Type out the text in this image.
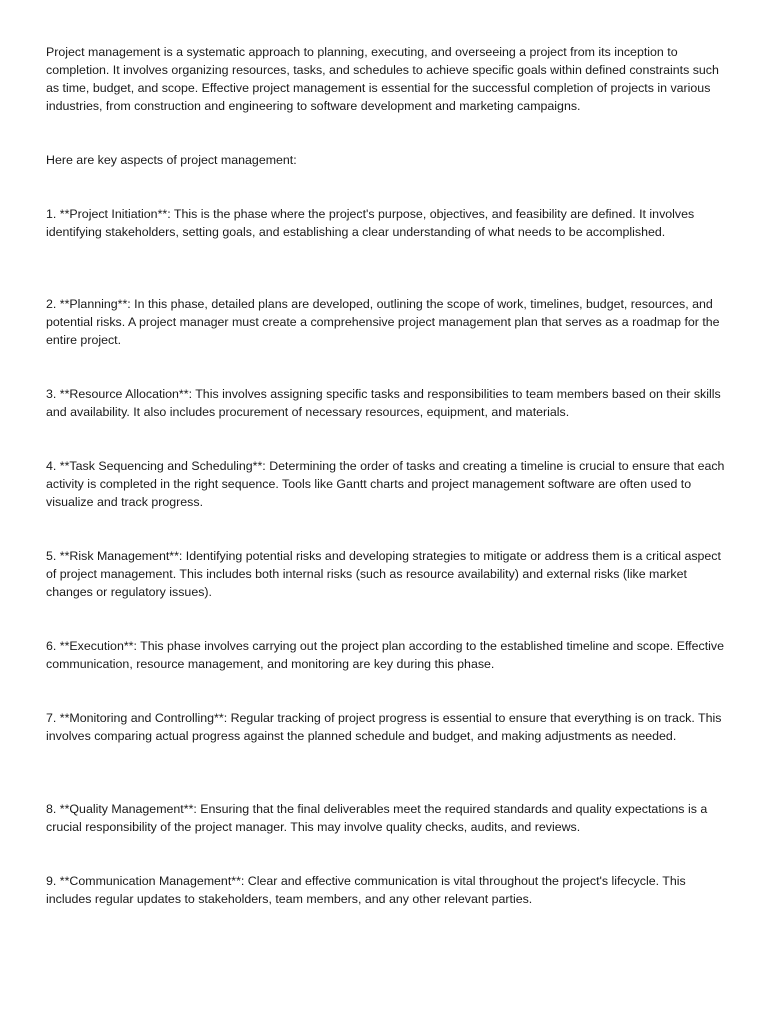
Project management is a systematic approach to planning, executing, and overseeing a project from its inception to completion. It involves organizing resources, tasks, and schedules to achieve specific goals within defined constraints such as time, budget, and scope. Effective project management is essential for the successful completion of projects in various industries, from construction and engineering to software development and marketing campaigns.

Here are key aspects of project management:

1. **Project Initiation**: This is the phase where the project's purpose, objectives, and feasibility are defined. It involves identifying stakeholders, setting goals, and establishing a clear understanding of what needs to be accomplished.

2. **Planning**: In this phase, detailed plans are developed, outlining the scope of work, timelines, budget, resources, and potential risks. A project manager must create a comprehensive project management plan that serves as a roadmap for the entire project.

3. **Resource Allocation**: This involves assigning specific tasks and responsibilities to team members based on their skills and availability. It also includes procurement of necessary resources, equipment, and materials.

4. **Task Sequencing and Scheduling**: Determining the order of tasks and creating a timeline is crucial to ensure that each activity is completed in the right sequence. Tools like Gantt charts and project management software are often used to visualize and track progress.

5. **Risk Management**: Identifying potential risks and developing strategies to mitigate or address them is a critical aspect of project management. This includes both internal risks (such as resource availability) and external risks (like market changes or regulatory issues).

6. **Execution**: This phase involves carrying out the project plan according to the established timeline and scope. Effective communication, resource management, and monitoring are key during this phase.

7. **Monitoring and Controlling**: Regular tracking of project progress is essential to ensure that everything is on track. This involves comparing actual progress against the planned schedule and budget, and making adjustments as needed.

8. **Quality Management**: Ensuring that the final deliverables meet the required standards and quality expectations is a crucial responsibility of the project manager. This may involve quality checks, audits, and reviews.

9. **Communication Management**: Clear and effective communication is vital throughout the project's lifecycle. This includes regular updates to stakeholders, team members, and any other relevant parties.
